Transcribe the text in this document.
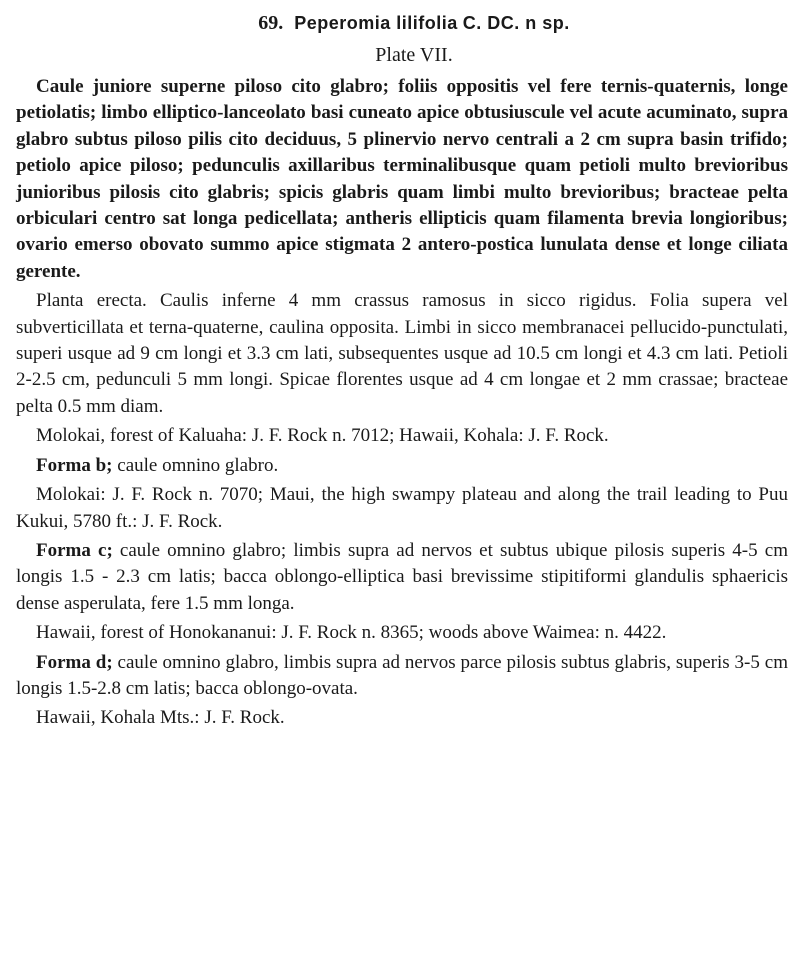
69. Peperomia lilifolia C. DC. n sp.
Plate VII.

Caule juniore superne piloso cito glabro; foliis oppositis vel fere ternis-quaternis, longe petiolatis; limbo elliptico-lanceolato basi cuneato apice obtusiuscule vel acute acuminato, supra glabro subtus piloso pilis cito deciduus, 5 plinervio nervo centrali a 2 cm supra basin trifido; petiolo apice piloso; pedunculis axillaribus terminalibusque quam petioli multo brevioribus junioribus pilosis cito glabris; spicis glabris quam limbi multo brevioribus; bracteae pelta orbiculari centro sat longa pedicellata; antheris ellipticis quam filamenta brevia longioribus; ovario emerso obovato summo apice stigmata 2 antero-postica lunulata dense et longe ciliata gerente.

Planta erecta. Caulis inferne 4 mm crassus ramosus in sicco rigidus. Folia supera vel subverticillata et terna-quaterne, caulina opposita. Limbi in sicco membranacei pellucido-punctulati, superi usque ad 9 cm longi et 3.3 cm lati, subsequentes usque ad 10.5 cm longi et 4.3 cm lati. Petioli 2-2.5 cm, pedunculi 5 mm longi. Spicae florentes usque ad 4 cm longae et 2 mm crassae; bracteae pelta 0.5 mm diam.

Molokai, forest of Kaluaha: J. F. Rock n. 7012; Hawaii, Kohala: J. F. Rock.

Forma b; caule omnino glabro.

Molokai: J. F. Rock n. 7070; Maui, the high swampy plateau and along the trail leading to Puu Kukui, 5780 ft.: J. F. Rock.

Forma c; caule omnino glabro; limbis supra ad nervos et subtus ubique pilosis superis 4-5 cm longis 1.5 - 2.3 cm latis; bacca oblongo-elliptica basi brevissime stipitiformi glandulis sphaericis dense asperulata, fere 1.5 mm longa.

Hawaii, forest of Honokananui: J. F. Rock n. 8365; woods above Waimea: n. 4422.

Forma d; caule omnino glabro, limbis supra ad nervos parce pilosis subtus glabris, superis 3-5 cm longis 1.5-2.8 cm latis; bacca oblongo-ovata.

Hawaii, Kohala Mts.: J. F. Rock.
